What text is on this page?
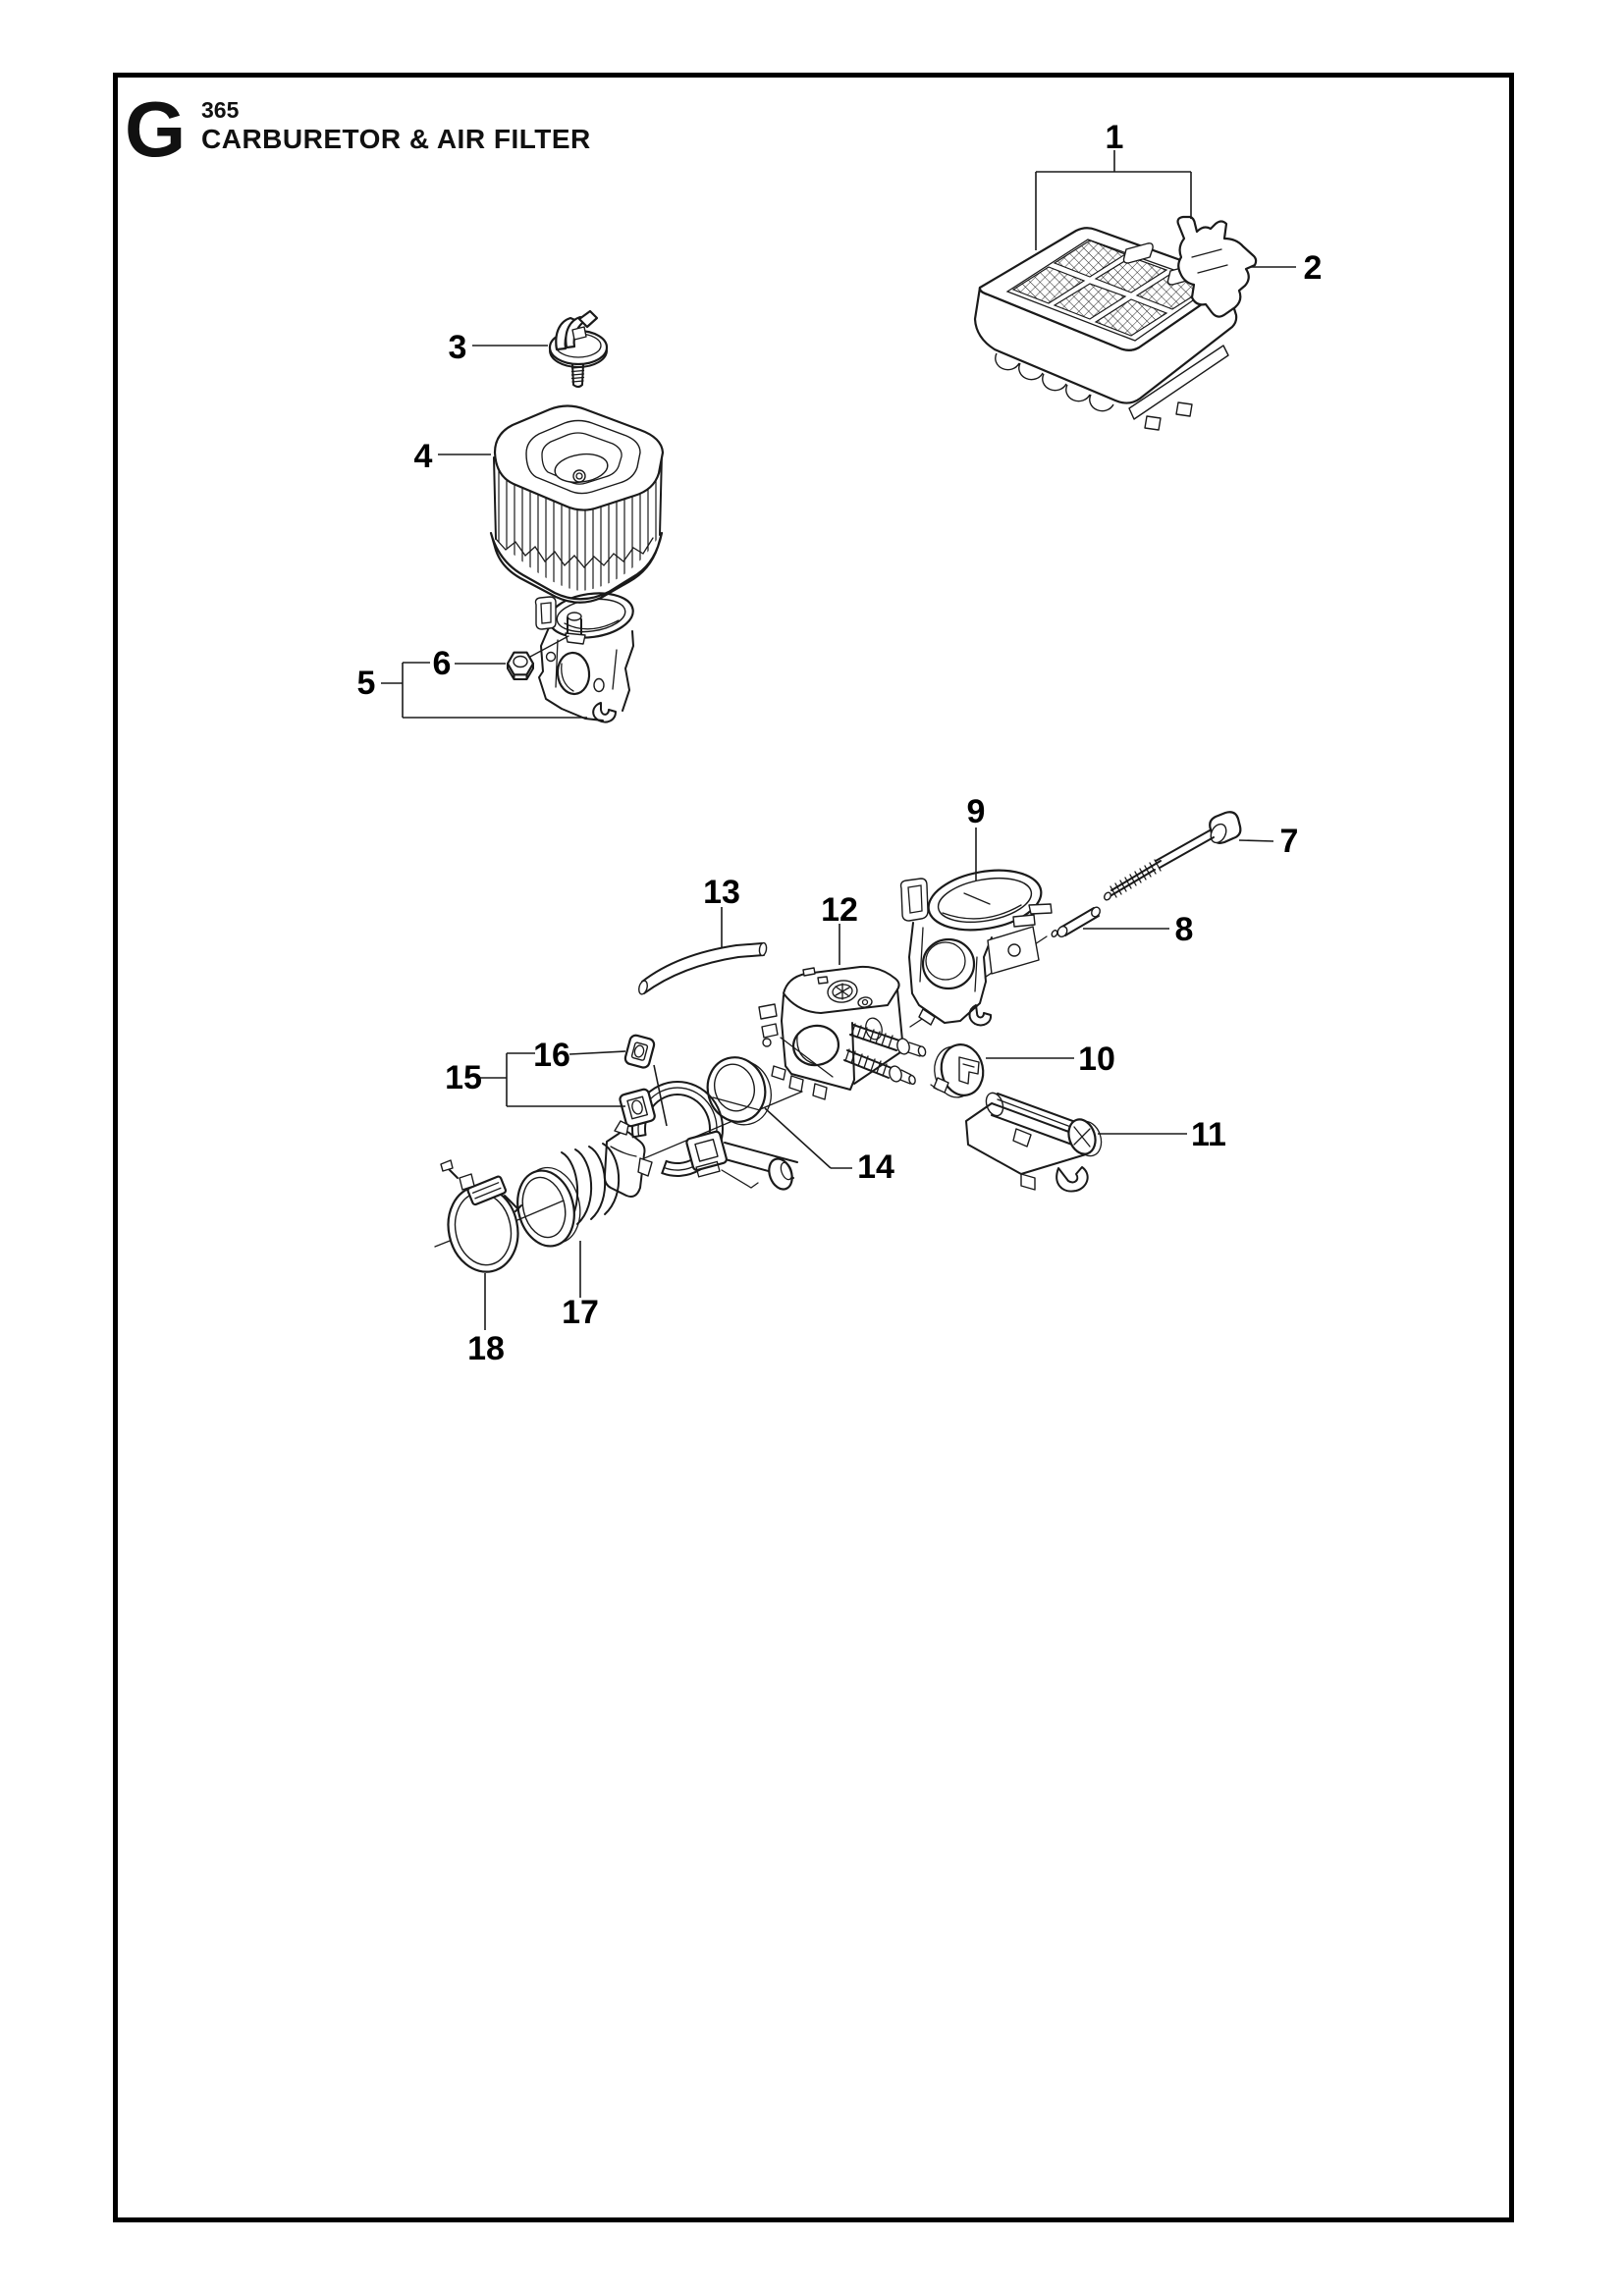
G 365
CARBURETOR & AIR FILTER	1
2
3
4
5
6
7
8
9
10
11
12
13
14
15
16
17
18
